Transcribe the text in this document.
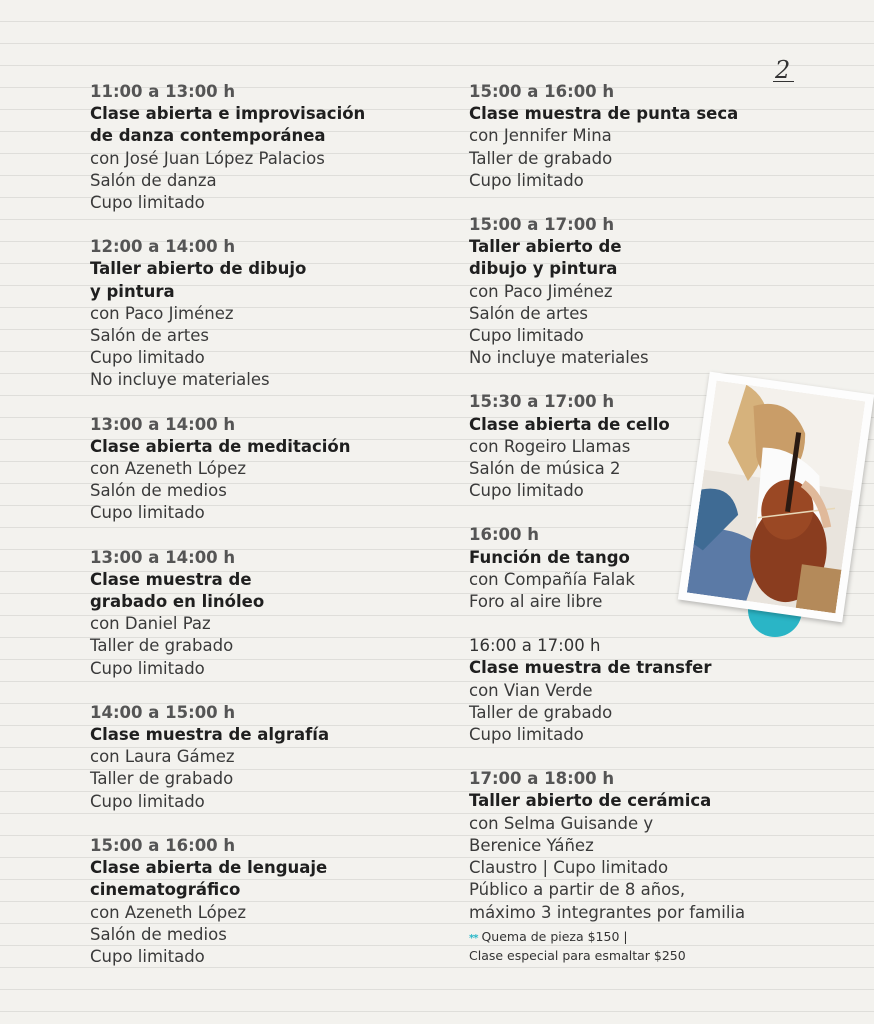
2
11:00 a 13:00 h
Clase abierta e improvisación
de danza contemporánea
con José Juan López Palacios
Salón de danza
Cupo limitado
12:00 a 14:00 h
Taller abierto de dibujo
y pintura
con Paco Jiménez
Salón de artes
Cupo limitado
No incluye materiales
13:00 a 14:00 h
Clase abierta de meditación
con Azeneth López
Salón de medios
Cupo limitado
13:00 a 14:00 h
Clase muestra de
grabado en linóleo
con Daniel Paz
Taller de grabado
Cupo limitado
14:00 a 15:00 h
Clase muestra de algrafía
con Laura Gámez
Taller de grabado
Cupo limitado
15:00 a 16:00 h
Clase abierta de lenguaje
cinematográfico
con Azeneth López
Salón de medios
Cupo limitado
15:00 a 16:00 h
Clase muestra de punta seca
con Jennifer Mina
Taller de grabado
Cupo limitado
15:00 a 17:00 h
Taller abierto de
dibujo y pintura
con Paco Jiménez
Salón de artes
Cupo limitado
No incluye materiales
15:30 a 17:00 h
Clase abierta de cello
con Rogeiro Llamas
Salón de música 2
Cupo limitado
16:00 h
Función de tango
con Compañía Falak
Foro al aire libre
16:00 a 17:00 h
Clase muestra de transfer
con Vian Verde
Taller de grabado
Cupo limitado
17:00 a 18:00 h
Taller abierto de cerámica
con Selma Guisande y
Berenice Yáñez
Claustro | Cupo limitado
Público a partir de 8 años,
máximo 3 integrantes por familia
** Quema de pieza $150 |
Clase especial para esmaltar $250
